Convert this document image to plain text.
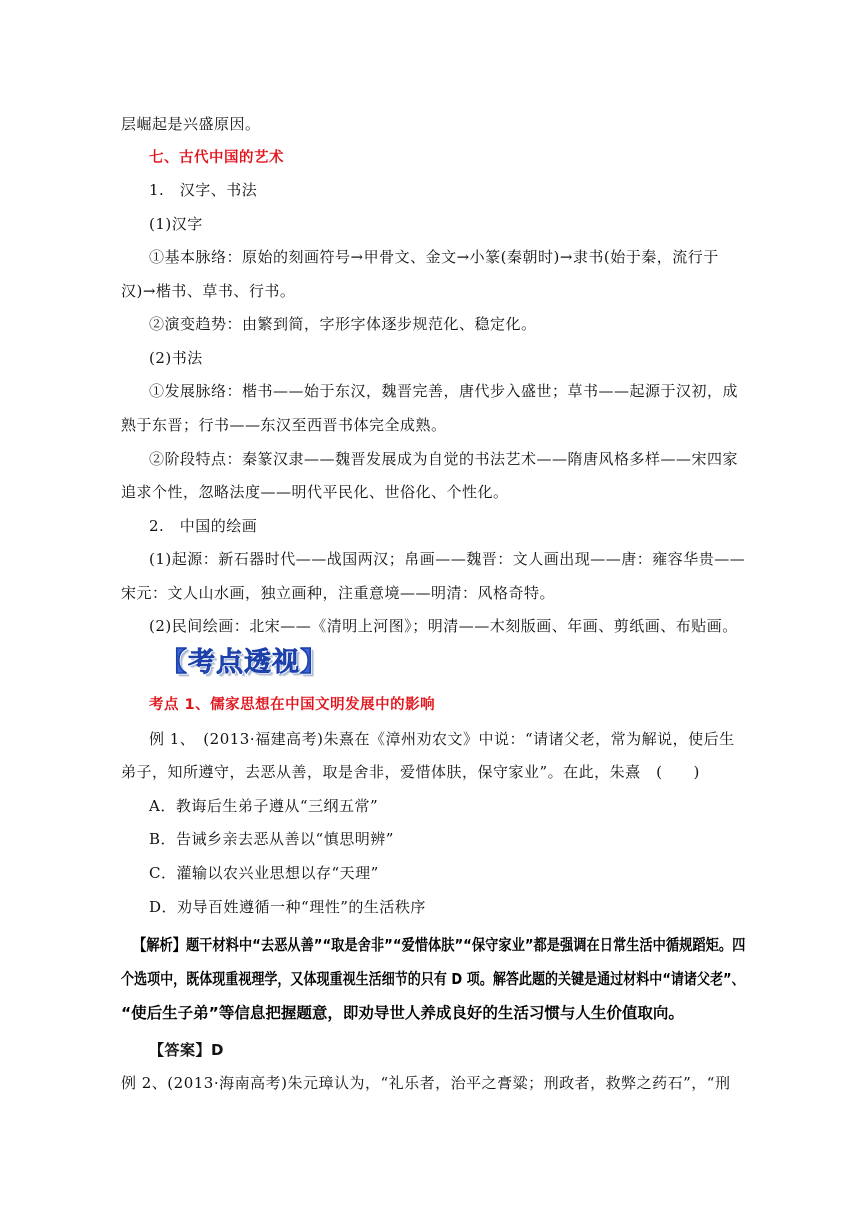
层崛起是兴盛原因。
七、古代中国的艺术
1.　汉字、书法
(1)汉字
①基本脉络：原始的刻画符号→甲骨文、金文→小篆(秦朝时)→隶书(始于秦，流行于
汉)→楷书、草书、行书。
②演变趋势：由繁到简，字形字体逐步规范化、稳定化。
(2)书法
①发展脉络：楷书——始于东汉，魏晋完善，唐代步入盛世；草书——起源于汉初，成
熟于东晋；行书——东汉至西晋书体完全成熟。
②阶段特点：秦篆汉隶——魏晋发展成为自觉的书法艺术——隋唐风格多样——宋四家
追求个性，忽略法度——明代平民化、世俗化、个性化。
2.　中国的绘画
(1)起源：新石器时代——战国两汉；帛画——魏晋：文人画出现——唐：雍容华贵——
宋元：文人山水画，独立画种，注重意境——明清：风格奇特。
(2)民间绘画：北宋——《清明上河图》；明清——木刻版画、年画、剪纸画、布贴画。
【考点透视】
考点 1、儒家思想在中国文明发展中的影响
例 1、　(2013·福建高考)朱熹在《漳州劝农文》中说：“请诸父老，常为解说，使后生
弟子，知所遵守，去恶从善，取是舍非，爱惜体肤，保守家业”。在此，朱熹　(　　)
A．教诲后生弟子遵从“三纲五常”
B．告诫乡亲去恶从善以“慎思明辨”
C．灌输以农兴业思想以存“天理”
D．劝导百姓遵循一种“理性”的生活秩序
【解析】题干材料中“去恶从善”“取是舍非”“爱惜体肤”“保守家业”都是强调在日常生活中循规蹈矩。四
个选项中，既体现重视理学，又体现重视生活细节的只有 D 项。解答此题的关键是通过材料中“请诸父老”、
“使后生子弟”等信息把握题意，即劝导世人养成良好的生活习惯与人生价值取向。
【答案】D
例 2、(2013·海南高考)朱元璋认为，“礼乐者，治平之膏粱；刑政者，救弊之药石”，“刑
